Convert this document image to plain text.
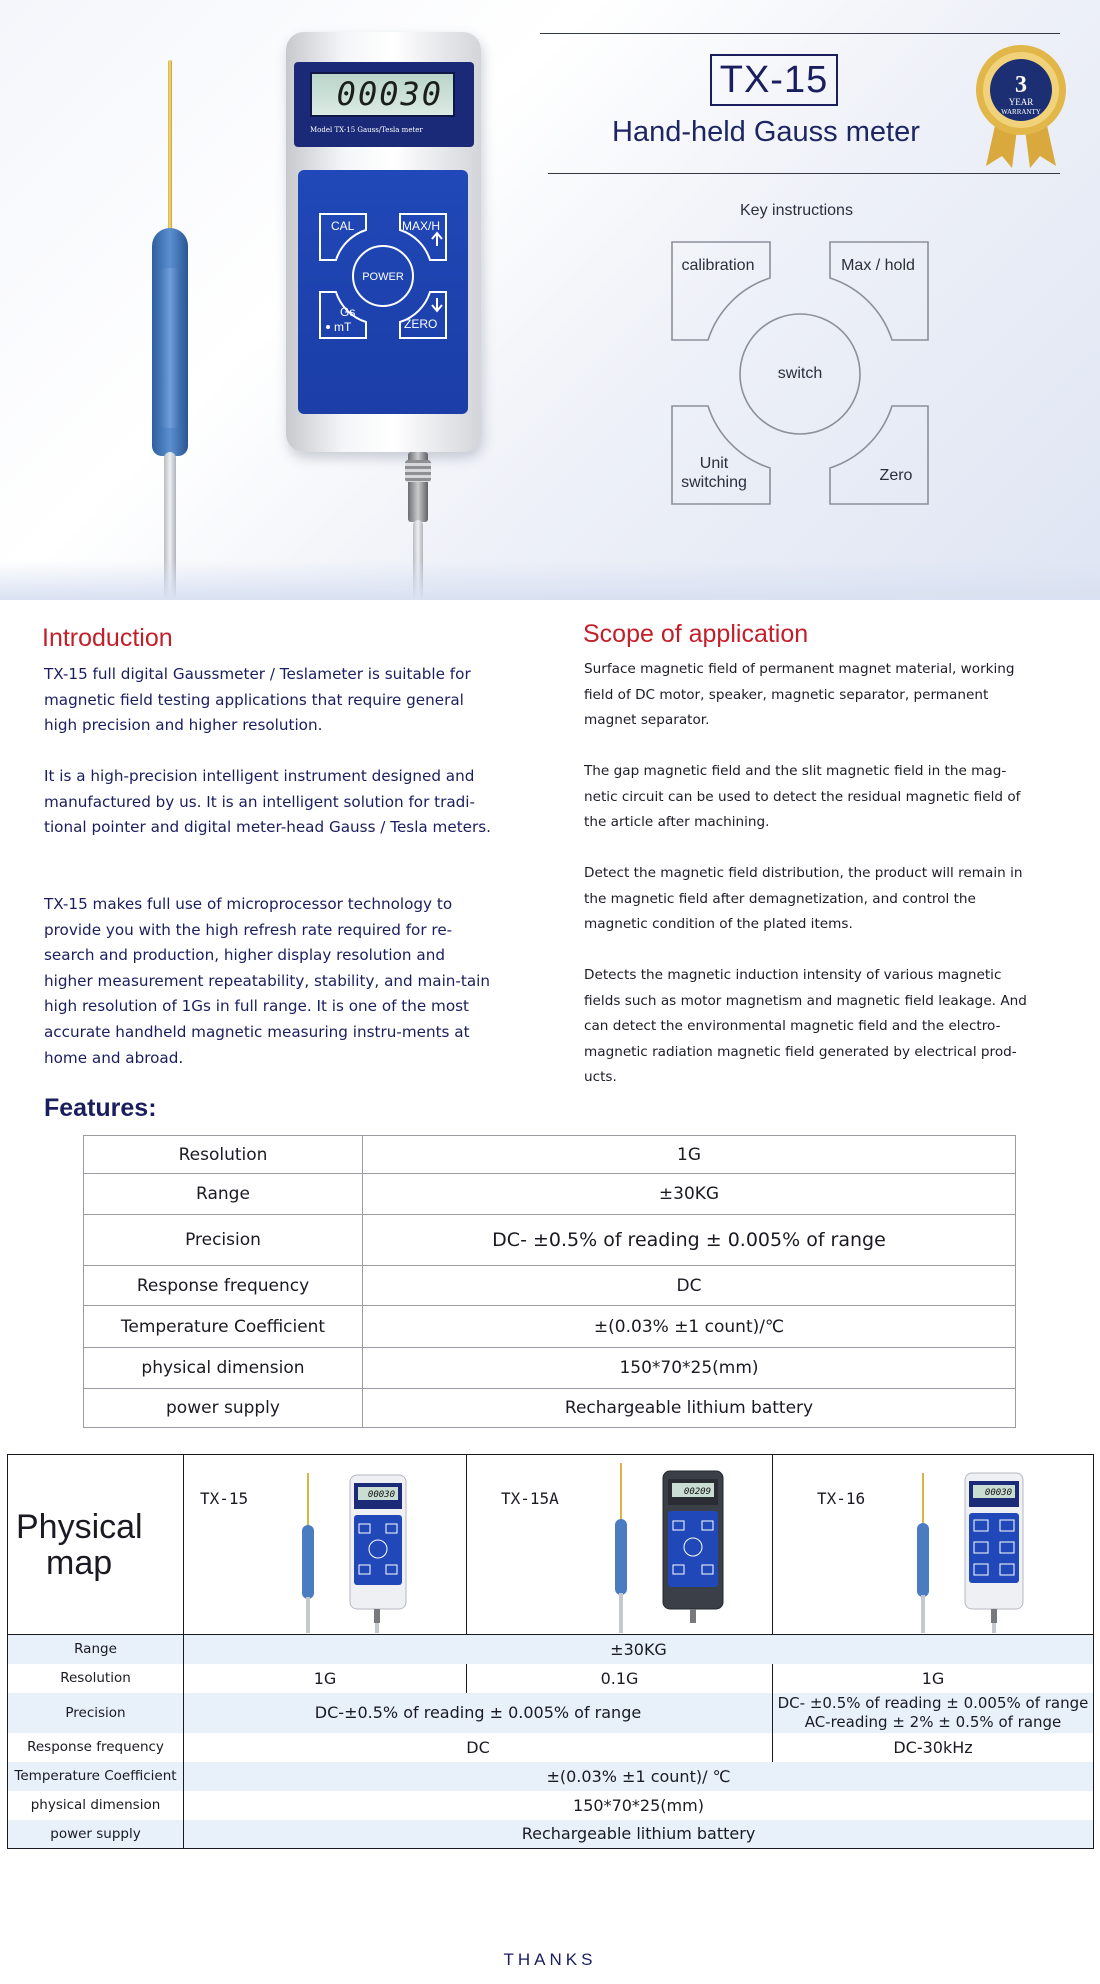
00030
Model TX-15 Gauss/Tesla meter
CAL	MAX/H
POWER
Gs
mT	ZERO
TX-15
Hand-held Gauss meter
3
YEAR
WARRANTY
Key instructions
calibration	Max / hold
switch
Unit
switching	Zero
Introduction
TX-15 full digital Gaussmeter / Teslameter is suitable for magnetic field testing applications that require general high precision and higher resolution.
It is a high-precision intelligent instrument designed and manufactured by us. It is an intelligent solution for tradi-tional pointer and digital meter-head Gauss / Tesla meters.
TX-15 makes full use of microprocessor technology to provide you with the high refresh rate required for re-search and production, higher display resolution and higher measurement repeatability, stability, and main-tain high resolution of 1Gs in full range. It is one of the most accurate handheld magnetic measuring instru-ments at home and abroad.
Scope of application
Surface magnetic field of permanent magnet material, working field of DC motor, speaker, magnetic separator, permanent magnet separator.
The gap magnetic field and the slit magnetic field in the mag-netic circuit can be used to detect the residual magnetic field of the article after machining.
Detect the magnetic field distribution, the product will remain in the magnetic field after demagnetization, and control the magnetic condition of the plated items.
Detects the magnetic induction intensity of various magnetic fields such as motor magnetism and magnetic field leakage. And can detect the environmental magnetic field and the electro-magnetic radiation magnetic field generated by electrical prod-ucts.
Features:
Resolution	1G
Range	±30KG
Precision	DC- ±0.5% of reading ± 0.005% of range
Response frequency	DC
Temperature Coefficient	±(0.03% ±1 count)/℃
physical dimension	150*70*25(mm)
power supply	Rechargeable lithium battery
Physical
map	TX-15 00030	TX-15A 00209	TX-16 00030

Range	±30KG		
Resolution	1G	0.1G	1G
Precision	DC-±0.5% of reading ± 0.005% of range		DC- ±0.5% of reading ± 0.005% of range
AC-reading ± 2% ± 0.5% of range
Response frequency	DC		DC-30kHz
Temperature Coefficient	±(0.03% ±1 count)/ ℃		
physical dimension	150*70*25(mm)		
power supply	Rechargeable lithium battery		
THANKS
